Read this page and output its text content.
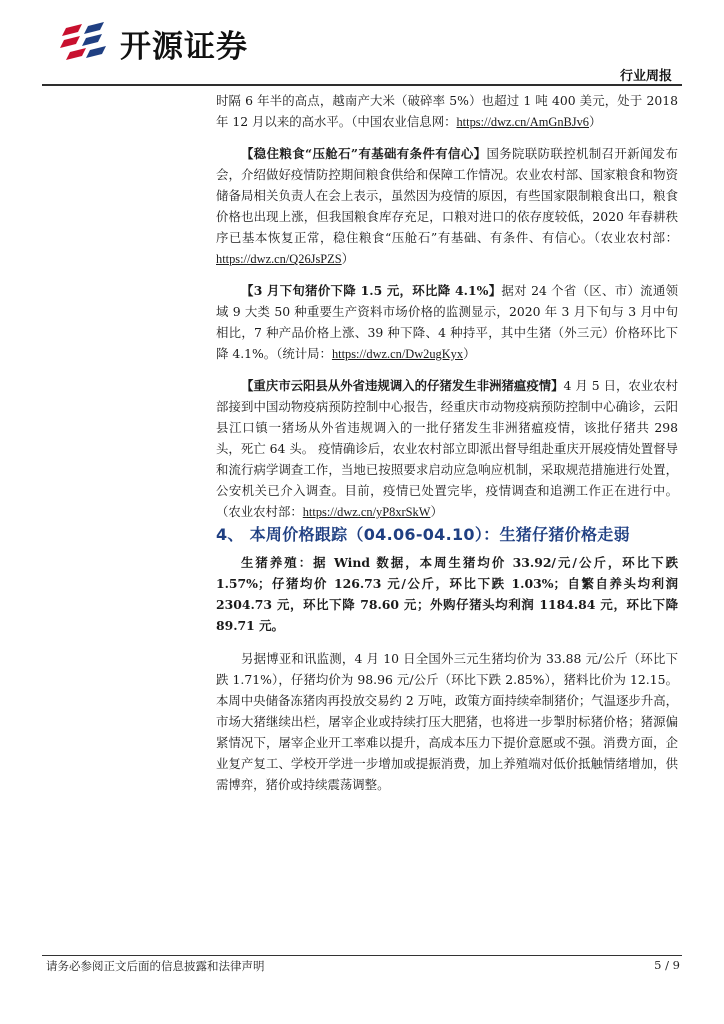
开源证券
行业周报

时隔 6 年半的高点，越南产大米（破碎率 5%）也超过 1 吨 400 美元，处于 2018 年 12 月以来的高水平。（中国农业信息网：https://dwz.cn/AmGnBJv6）

【稳住粮食“压舱石”有基础有条件有信心】国务院联防联控机制召开新闻发布会，介绍做好疫情防控期间粮食供给和保障工作情况。农业农村部、国家粮食和物资储备局相关负责人在会上表示，虽然因为疫情的原因，有些国家限制粮食出口，粮食价格也出现上涨，但我国粮食库存充足，口粮对进口的依存度较低，2020 年春耕秩序已基本恢复正常，稳住粮食“压舱石”有基础、有条件、有信心。（农业农村部：https://dwz.cn/Q26JsPZS）

【3 月下旬猪价下降 1.5 元，环比降 4.1%】据对 24 个省（区、市）流通领域 9 大类 50 种重要生产资料市场价格的监测显示，2020 年 3 月下旬与 3 月中旬相比，7 种产品价格上涨、39 种下降、4 种持平，其中生猪（外三元）价格环比下降 4.1%。（统计局：https://dwz.cn/Dw2ugKyx）

【重庆市云阳县从外省违规调入的仔猪发生非洲猪瘟疫情】4 月 5 日，农业农村部接到中国动物疫病预防控制中心报告，经重庆市动物疫病预防控制中心确诊，云阳县江口镇一猪场从外省违规调入的一批仔猪发生非洲猪瘟疫情，该批仔猪共 298 头，死亡 64 头。 疫情确诊后，农业农村部立即派出督导组赴重庆开展疫情处置督导和流行病学调查工作，当地已按照要求启动应急响应机制，采取规范措施进行处置，公安机关已介入调查。目前，疫情已处置完毕，疫情调查和追溯工作正在进行中。（农业农村部：https://dwz.cn/yP8xrSkW）

4、 本周价格跟踪（04.06-04.10）：生猪仔猪价格走弱

生猪养殖：据 Wind 数据，本周生猪均价 33.92/元/公斤，环比下跌 1.57%；仔猪均价 126.73 元/公斤，环比下跌 1.03%；自繁自养头均利润 2304.73 元，环比下降 78.60 元；外购仔猪头均利润 1184.84 元，环比下降 89.71 元。

另据博亚和讯监测，4 月 10 日全国外三元生猪均价为 33.88 元/公斤（环比下跌 1.71%），仔猪均价为 98.96 元/公斤（环比下跌 2.85%），猪料比价为 12.15。本周中央储备冻猪肉再投放交易约 2 万吨，政策方面持续牵制猪价；气温逐步升高，市场大猪继续出栏，屠宰企业或持续打压大肥猪，也将进一步掣肘标猪价格；猪源偏紧情况下，屠宰企业开工率难以提升，高成本压力下提价意愿或不强。消费方面，企业复产复工、学校开学进一步增加或提振消费，加上养殖端对低价抵触情绪增加，供需博弈，猪价或持续震荡调整。

请务必参阅正文后面的信息披露和法律声明	5 / 9
